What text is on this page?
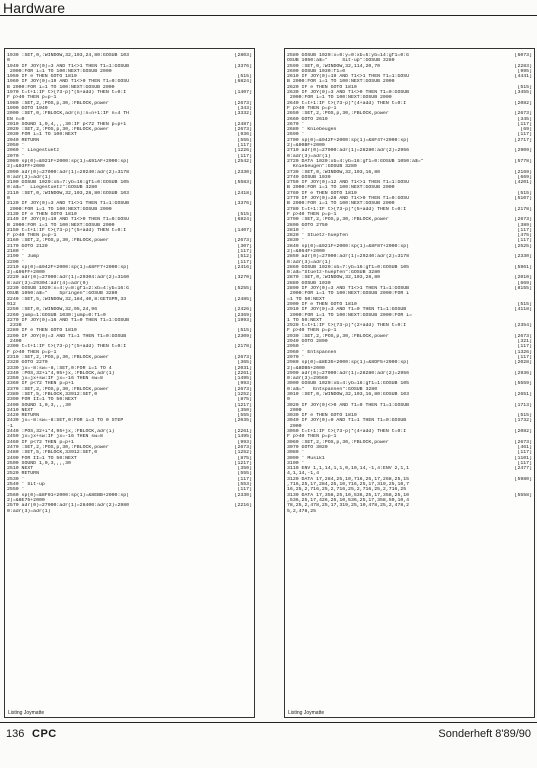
Hardware
1930 :SET,0,:WINDOW,32,103,24,80:GOSUB 103	[2803]
0
1940 IF JOY(0)=3 AND f1<>1 THEN f1=1:GOSUB	[3376]
2000:FOR i=1 TO 100:NEXT:GOSUB 2000
1950 IF e THEN GOTO 1810	[515]
1960 IF JOY(0)=19 AND f1<>0 THEN f1=0:GOSU	[6824]
B 2000:FOR i=1 TO 100:NEXT:GOSUB 2000
1970 t=t+1:IF t>(73-p)*(5+add) THEN t=0:I	[1407]
F p>40 THEN p=p-1
1980 :SET,2,:POS,p,30,:FBLOCK,power	[2673]
1990 GOTO 1940	[343]
2000 :SET,0,:FBLOCK,adr(n):n=n+1:IF n=4 TH	[3332]
EN n=0
2010 SOUND 1,0,4,,,,30:IF p<72 THEN p=p+1	[2487]
2020 :SET,2,:POS,p,30,:FBLOCK,power	[2673]
2030 FOR i=1 TO 100:NEXT	[936]
2040 RETURN	[555]
2050 '	[117]
2060 ' Liegestuetz	[1226]
2070 '	[117]
2080 sp(0)=&921F+2000:sp(1)=&91AF+2000:sp(	[2542]
2)=&93FF+2000
2090 adr(0)=27000:adr(1)=29240:adr(2)=3178	[2330]
0:adr(3)=adr(1)
2100 GOSUB 1020:xb=7:yb=16:gf1=0:GOSUB 105	[5583]
0:a$="  Liegestuetz":GOSUB 3280
2110 :SET,0,:WINDOW,32,103,28,80:GOSUB 103	[2418]
0
2120 IF JOY(0)=3 AND f1<>1 THEN f1=1:GOSUB	[3376]
2000:FOR i=1 TO 100:NEXT:GOSUB 2000
2130 IF e THEN GOTO 1810	[515]
2140 IF JOY(0)=19 AND f1<>0 THEN f1=0:GOSU	[6824]
B 2000:FOR i=1 TO 100:NEXT:GOSUB 2000
2150 t=t+1:IF t>(73-p)*(5+add) THEN t=0:I	[1407]
F p>40 THEN p=p-1
2160 :SET,2,:POS,p,30,:FBLOCK,power	[2673]
2170 GOTO 2120	[307]
2180 '	[117]
2190 ' Jump	[512]
2200 '	[117]
2210 sp(0)=&942F+2000:sp(1)=&8FF7+2000:sp(	[2416]
2)=&96FF+2000
2220 adr(0)=27000:adr(1)=29304:adr(2)=3160	[3270]
8:adr(3)=29304:adr(4)=adr(0)
2230 GOSUB 1020:x=4:y=8:gf1=2:xb=4:yb=16:G	[5255]
OSUB 1050:a$="    Springen":GOSUB 3280
2240 :SET,5,:WINDOW,32,184,40,8:GETSPR,33	[2485]
912
2250 :SET,0,:WINDOW,32,95,24,96	[2426]
2260 jump=1:GOSUB 1030:jump=0:f1=0	[2369]
2270 IF JOY(0)=16 AND f1=0 THEN f1=1:GOSUB	[1993]
2330
2280 IF e THEN GOTO 1810	[515]
2290 IF JOY(0)=3 AND f1=1 THEN f1=0:GOSUB	[2309]
2400
2300 t=t+1:IF t>(73-p)*(5+add) THEN t=0:I	[2178]
F p>40 THEN p=p-1
2310 :SET,2,:POS,p,30,:FBLOCK,power	[2673]
2320 GOTO 2270	[365]
2330 jx=-8:sw=-8,:SET,0:FOR i=1 TO 4	[2031]
2340 :POS,32+i*4,95+jx,:FBLOCK,adr(1)	[2261]
2350 jx=jx+sw:IF jx=-16 THEN sw=8	[1495]
2360 IF p<72 THEN p=p+1	[993]
2370 :SET,2,:POS,p,30,:FBLOCK,power	[2673]
2380 :SET,5,:FBLOCK,33912:SET,0	[1252]
2390 FOR II=1 TO 50:NEXT	[875]
2400 SOUND 1,0,3,,,,30	[1217]
2410 NEXT	[350]
2420 RETURN	[555]
2430 jx=-8:sw=-8:SET,0:FOR i=3 TO 0 STEP	[2035]
-1
2440 :POS,32+i*4,95+jx,:FBLOCK,adr(i)	[2261]
2450 jx=jx+sw:IF jx=-16 THEN sw=8	[1495]
2460 IF p<72 THEN p=p+1	[993]
2470 :SET,2,:POS,p,30,:FBLOCK,power	[2673]
2480 :SET,5,:FBLOCK,33912:SET,0	[1252]
2490 FOR II=1 TO 50:NEXT	[875]
2500 SOUND 1,0,3,,,,30	[1217]
2510 NEXT	[350]
2520 RETURN	[555]
2530 '	[117]
2540 ' Sit-up	[553]
2550 '	[117]
2560 sp(0)=&8F01+2000:sp(1)=&8EBB+2000:sp(	[2330]
2)=&8E75+2000
2570 adr(0)=27000:adr(1)=28400:adr(2)=2980	[2216]
0:adr(3)=adr(1)
Listing Joymatte
2580 GOSUB 1020:x=0:y=0:xb=5:yb=14:gf1=0:G	[6073]
OSUB 1050:a$="     Sit-up":GOSUB 3280
2590 :SET,0,:WINDOW,32,114,20,70	[2283]
2600 GOSUB 1030:f1=0	[995]
2610 IF JOY(0)=19 AND f1<>1 THEN f1=1:GOSU	[4441]
B 2000:FOR i=1 TO 100:NEXT:GOSUB 2000
2620 IF e THEN GOTO 1810	[515]
2630 IF JOY(0)=3 AND f1<>0 THEN f1=0:GOSUB	[3455]
2000:FOR i=1 TO 100:NEXT:GOSUB 2000
2640 t=t+1:IF t>(73-p)*(4+add) THEN t=0:I	[2082]
F p>40 THEN p=p-1
2650 :SET,2,:POS,p,30,:FBLOCK,power	[2673]
2660 GOTO 2610	[345]
2670 '	[117]
2680 ' Kniebeugen	[69]
2690 '	[117]
2700 sp(0)=&942F+2000:sp(1)=&8F47+2000:sp(	[2717]
2)=&90BF+2000
2710 adr(0)=27000:adr(1)=28280:adr(2)=2956	[2909]
0:adr(3)=adr(1)
2720 DATA 1020:xb=4:yb=16:gf1=0:GOSUB 1050:a$="	[5778]
Kniebeugen":GOSUB 3280
2730 :SET,0,:WINDOW,32,103,16,80	[2169]
2740 GOSUB 1030	[669]
2750 IF JOY(0)=12 AND f1<>1 THEN f1=1:GOSU	[4201]
B 2000:FOR i=1 TO 100:NEXT:GOSUB 2000
2760 IF e THEN GOTO 1810	[515]
2770 IF JOY(0)=28 AND f1<>0 THEN f1=0:GOSU	[5107]
B 2000:FOR i=1 TO 100:NEXT:GOSUB 2000
2780 t=t+1:IF t>(73-p)*(5+add) THEN t=0:I	[2178]
F p>40 THEN p=p-1
2790 :SET,2,:POS,p,30,:FBLOCK,power	[2673]
2800 GOTO 2750	[389]
2810 '	[117]
2820 ' Stuetz-huepfen	[475]
2830 '	[117]
2840 sp(0)=&921F+2000:sp(1)=&8F87+2000:sp(	[2525]
2)=&964F+2000
2850 adr(0)=27000:adr(1)=29240:adr(2)=3178	[2330]
0:adr(3)=adr(1)
2860 GOSUB 1020:xb=7:yb=16:gf1=0:GOSUB 105	[5961]
0:a$="Stuetz-huepfen":GOSUB 3280
2870 :SET,0,:WINDOW,32,103,28,80	[2010]
2880 GOSUB 1030	[669]
2890 IF JOY(0)=3 AND f1<>1 THEN f1=1:GOSUB	[8155]
2000:FOR i=1 TO 100:NEXT:GOSUB 2000:FOR i
=1 TO 50:NEXT
2900 IF e THEN GOTO 1810	[515]
2910 IF JOY(0)=3 AND f1=0 THEN f1=1:GOSUB	[4118]
2000:FOR i=1 TO 100:NEXT:GOSUB 2000:FOR i=
1 TO 50:NEXT
2920 t=t+1:IF t>(73-p)*(2+add) THEN t=0:I	[2354]
F p>40 THEN p=p-1
2930 :SET,2,:POS,p,30,:FBLOCK,power	[2673]
2940 GOTO 2890	[321]
2950 '	[117]
2960 ' Entspannen	[1326]
2970 '	[117]
2980 sp(0)=&8E35+2000:sp(1)=&8DF5+2000:sp(	[2028]
2)=&8DB5+2000
2990 adr(0)=27000:adr(1)=28280:adr(2)=2956	[2936]
0:adr(3)=29560
3000 GOSUB 1020:xb=4:yb=16:gf1=1:GOSUB 105	[5559]
0:a$="   Entspannen":GOSUB 3280
3010 :SET,0,:WINDOW,32,103,16,80:GOSUB 103	[2651]
0
3020 IF JOY(0)<>0 AND f1=0 THEN f1=1:GOSUB	[1713]
2000
3030 IF e THEN GOTO 1810	[515]
3040 IF JOY(0)=0 AND f1=1 THEN f1=0:GOSUB	[1732]
2000
3050 t=t+1:IF t>(73-p)*(4+add) THEN t=0:I	[2082]
F p>40 THEN p=p-1
3060 :SET,2,:POS,p,30,:FBLOCK,power	[2673]
3070 GOTO 3020	[461]
3080 '	[117]
3090 ' Musik1	[1101]
3100 '	[117]
3110 ENV 1,1,14,1,1,0,10,14,-1,4:ENV 2,1,1	[2477]
4,1,14,-1,4
3120 DATA 17,284,25,10,716,25,17,268,25,15	[5980]
,716,25,17,284,25,10,716,25,17,319,25,10,7
16,25,2,716,25,2,716,25,2,716,25,2,716,25
3130 DATA 17,358,25,10,536,25,17,358,25,10	[5558]
,536,25,17,426,25,10,536,25,17,358,50,10,4
78,25,2,478,25,17,319,25,10,478,25,2,478,2
5,2,478,25
Listing Joymatte
136 CPC	Sonderheft 8'89/90
